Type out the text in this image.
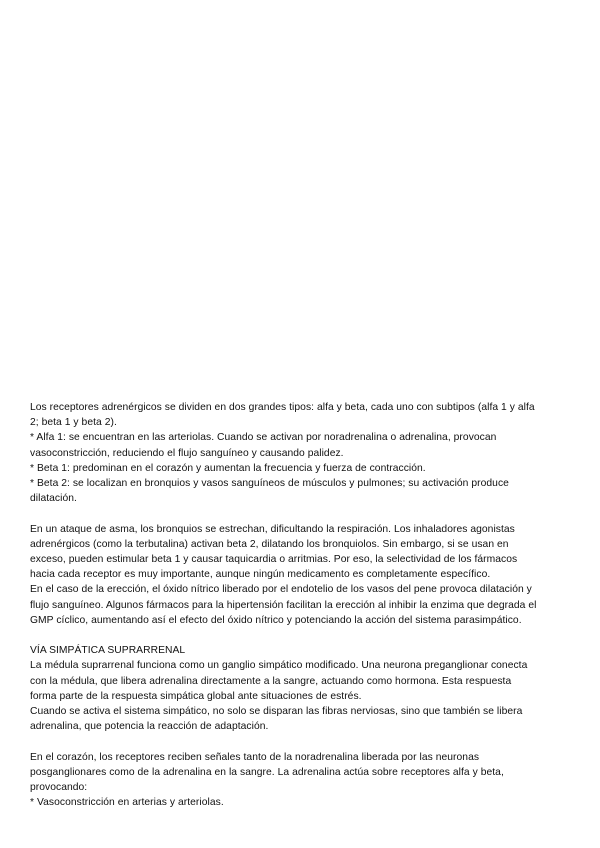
Los receptores adrenérgicos se dividen en dos grandes tipos: alfa y beta, cada uno con subtipos (alfa 1 y alfa
2; beta 1 y beta 2).
* Alfa 1: se encuentran en las arteriolas. Cuando se activan por noradrenalina o adrenalina, provocan
vasoconstricción, reduciendo el flujo sanguíneo y causando palidez.
* Beta 1: predominan en el corazón y aumentan la frecuencia y fuerza de contracción.
* Beta 2: se localizan en bronquios y vasos sanguíneos de músculos y pulmones; su activación produce
dilatación.
En un ataque de asma, los bronquios se estrechan, dificultando la respiración. Los inhaladores agonistas
adrenérgicos (como la terbutalina) activan beta 2, dilatando los bronquiolos. Sin embargo, si se usan en
exceso, pueden estimular beta 1 y causar taquicardia o arritmias. Por eso, la selectividad de los fármacos
hacia cada receptor es muy importante, aunque ningún medicamento es completamente específico.
En el caso de la erección, el óxido nítrico liberado por el endotelio de los vasos del pene provoca dilatación y
flujo sanguíneo. Algunos fármacos para la hipertensión facilitan la erección al inhibir la enzima que degrada el
GMP cíclico, aumentando así el efecto del óxido nítrico y potenciando la acción del sistema parasimpático.
VÍA SIMPÁTICA SUPRARRENAL
La médula suprarrenal funciona como un ganglio simpático modificado. Una neurona preganglionar conecta
con la médula, que libera adrenalina directamente a la sangre, actuando como hormona. Esta respuesta
forma parte de la respuesta simpática global ante situaciones de estrés.
Cuando se activa el sistema simpático, no solo se disparan las fibras nerviosas, sino que también se libera
adrenalina, que potencia la reacción de adaptación.
En el corazón, los receptores reciben señales tanto de la noradrenalina liberada por las neuronas
posganglionares como de la adrenalina en la sangre. La adrenalina actúa sobre receptores alfa y beta,
provocando:
* Vasoconstricción en arterias y arteriolas.
